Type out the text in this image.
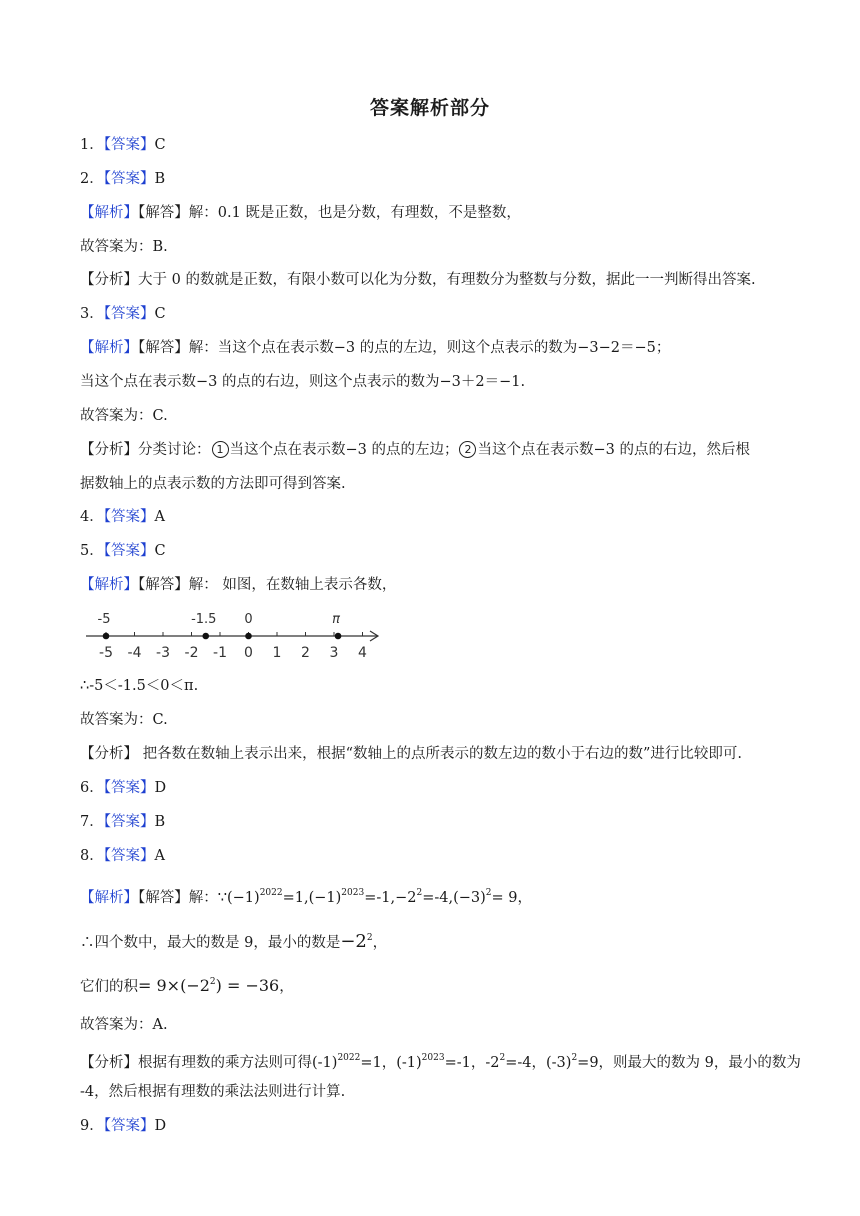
答案解析部分
1．【答案】C
2．【答案】B
【解析】【解答】解：0.1 既是正数，也是分数，有理数，不是整数，
故答案为：B.
【分析】大于 0 的数就是正数，有限小数可以化为分数，有理数分为整数与分数，据此一一判断得出答案.
3．【答案】C
【解析】【解答】解：当这个点在表示数−3 的点的左边，则这个点表示的数为−3−2＝−5；
当这个点在表示数−3 的点的右边，则这个点表示的数为−3＋2＝−1.
故答案为：C.
【分析】分类讨论： 1 当这个点在表示数−3 的点的左边； 2 当这个点在表示数−3 的点的右边，然后根
据数轴上的点表示数的方法即可得到答案.
4．【答案】A
5．【答案】C
【解析】【解答】解： 如图，在数轴上表示各数，
-5 -4 -3 -2 -1 0 1 2 3 4
-5	-1.5 0	π
∴-5＜-1.5＜0＜π.
故答案为：C.
【分析】 把各数在数轴上表示出来，根据“数轴上的点所表示的数左边的数小于右边的数”进行比较即可.
6．【答案】D
7．【答案】B
8．【答案】A
【解析】【解答】解：$\because(-1)^{2022}=1,(-1)^{2023}=-1,-2^2=-4,(-3)^2= 9$，
∴四个数中，最大的数是 9，最小的数是$-2^2$，
它们的积= $9\times(-2^2) = -36$，
故答案为：A.
【分析】根据有理数的乘方法则可得$(-1)^{2022}=1$，$(-1)^{2023}=-1$，$-2^2=-4$，$(-3)^2=9$，则最大的数为 9，最小的数为
-4，然后根据有理数的乘法法则进行计算.
9．【答案】D
